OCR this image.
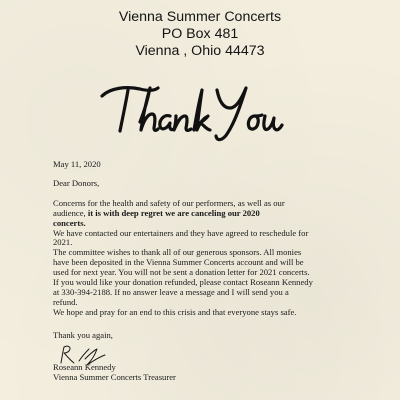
Vienna Summer Concerts
PO Box 481
Vienna , Ohio 44473
May 11, 2020
Dear Donors,
Concerns for the health and safety of our performers, as well as our
audience, it is with deep regret we are canceling our 2020
concerts.
We have contacted our entertainers and they have agreed to reschedule for
2021.
The committee wishes to thank all of our generous sponsors. All monies
have been deposited in the Vienna Summer Concerts account and will be
used for next year. You will not be sent a donation letter for 2021 concerts.
If you would like your donation refunded, please contact Roseann Kennedy
at 330-394-2188. If no answer leave a message and I will send you a
refund.
We hope and pray for an end to this crisis and that everyone stays safe.
Thank you again,
Roseann Kennedy
Vienna Summer Concerts Treasurer
